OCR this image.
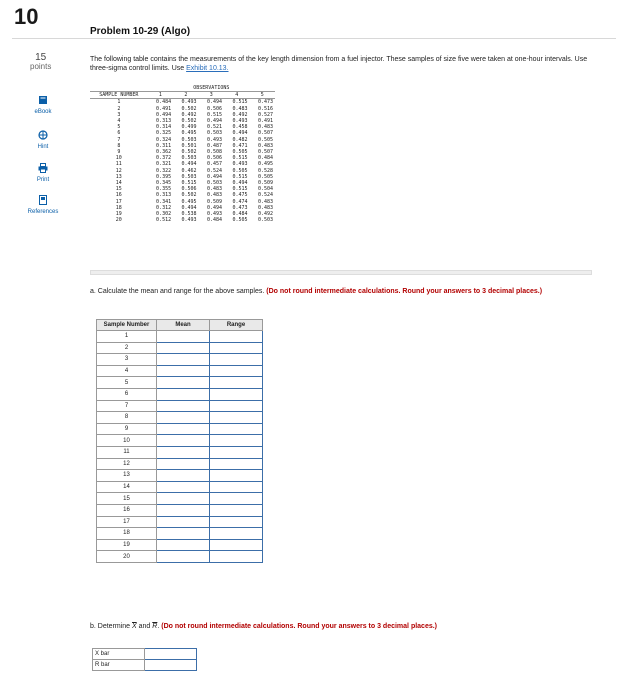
10
15
points
eBook
Hint
Print
References
Problem 10-29 (Algo)
The following table contains the measurements of the key length dimension from a fuel injector. These samples of size five were taken at one-hour intervals. Use three-sigma control limits. Use Exhibit 10.13.
	OBSERVATIONS				
SAMPLE NUMBER	1	2	3	4	5
1	0.484	0.493	0.494	0.515	0.473
2	0.491	0.502	0.506	0.483	0.516
3	0.494	0.492	0.515	0.492	0.527
4	0.313	0.502	0.494	0.493	0.491
5	0.314	0.499	0.521	0.458	0.483
6	0.325	0.495	0.503	0.494	0.507
7	0.324	0.503	0.493	0.482	0.505
8	0.311	0.501	0.487	0.471	0.483
9	0.362	0.502	0.508	0.505	0.507
10	0.372	0.503	0.506	0.515	0.484
11	0.321	0.494	0.457	0.493	0.495
12	0.322	0.462	0.524	0.505	0.528
13	0.395	0.503	0.494	0.515	0.505
14	0.345	0.515	0.503	0.494	0.509
15	0.355	0.506	0.483	0.515	0.504
16	0.313	0.502	0.483	0.475	0.524
17	0.341	0.495	0.509	0.474	0.483
18	0.312	0.494	0.494	0.473	0.483
19	0.302	0.538	0.493	0.484	0.492
20	0.512	0.493	0.484	0.505	0.503
a. Calculate the mean and range for the above samples. (Do not round intermediate calculations. Round your answers to 3 decimal places.)
Sample Number	Mean	Range
1		
2		
3		
4		
5		
6		
7		
8		
9		
10		
11		
12		
13		
14		
15		
16		
17		
18		
19		
20		
b. Determine $\overline{X}$ and $\overline{R}$. (Do not round intermediate calculations. Round your answers to 3 decimal places.)
X bar	
R bar	
